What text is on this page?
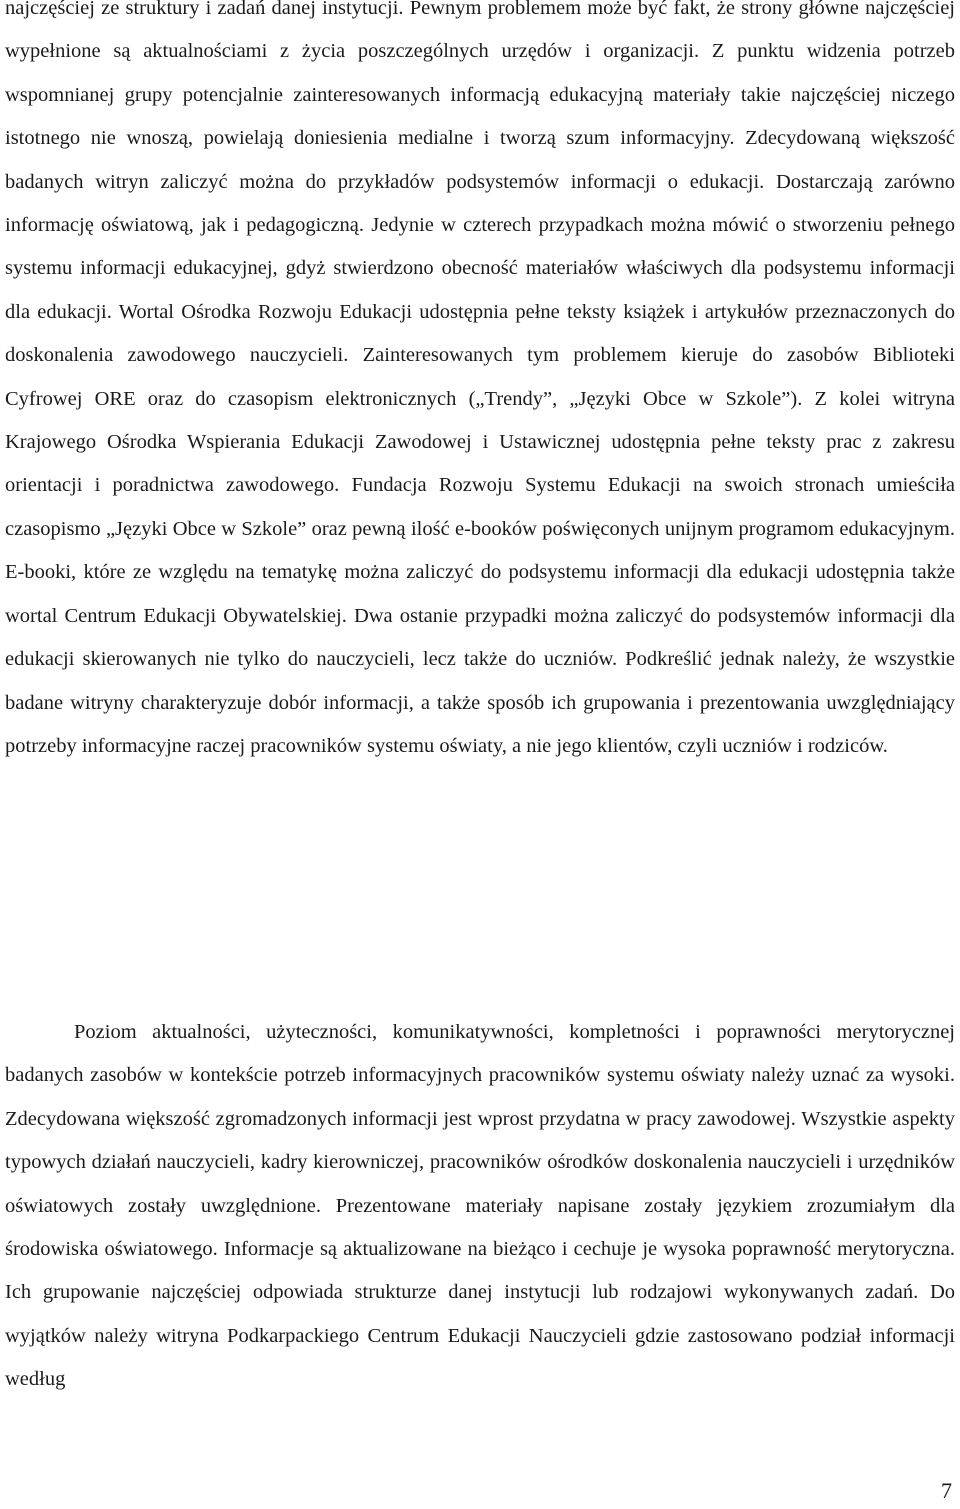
najczęściej ze struktury i zadań danej instytucji. Pewnym problemem może być fakt, że strony główne najczęściej wypełnione są aktualnościami z życia poszczególnych urzędów i organizacji. Z punktu widzenia potrzeb wspomnianej grupy potencjalnie zainteresowanych informacją edukacyjną materiały takie najczęściej niczego istotnego nie wnoszą, powielają doniesienia medialne i tworzą szum informacyjny. Zdecydowaną większość badanych witryn zaliczyć można do przykładów podsystemów informacji o edukacji. Dostarczają zarówno informację oświatową, jak i pedagogiczną. Jedynie w czterech przypadkach można mówić o stworzeniu pełnego systemu informacji edukacyjnej, gdyż stwierdzono obecność materiałów właściwych dla podsystemu informacji dla edukacji. Wortal Ośrodka Rozwoju Edukacji udostępnia pełne teksty książek i artykułów przeznaczonych do doskonalenia zawodowego nauczycieli. Zainteresowanych tym problemem kieruje do zasobów Biblioteki Cyfrowej ORE oraz do czasopism elektronicznych („Trendy”, „Języki Obce w Szkole”). Z kolei witryna Krajowego Ośrodka Wspierania Edukacji Zawodowej i Ustawicznej udostępnia pełne teksty prac z zakresu orientacji i poradnictwa zawodowego. Fundacja Rozwoju Systemu Edukacji na swoich stronach umieściła czasopismo „Języki Obce w Szkole” oraz pewną ilość e-booków poświęconych unijnym programom edukacyjnym. E-booki, które ze względu na tematykę można zaliczyć do podsystemu informacji dla edukacji udostępnia także wortal Centrum Edukacji Obywatelskiej. Dwa ostanie przypadki można zaliczyć do podsystemów informacji dla edukacji skierowanych nie tylko do nauczycieli, lecz także do uczniów. Podkreślić jednak należy, że wszystkie badane witryny charakteryzuje dobór informacji, a także sposób ich grupowania i prezentowania uwzględniający potrzeby informacyjne raczej pracowników systemu oświaty, a nie jego klientów, czyli uczniów i rodziców.

Poziom aktualności, użyteczności, komunikatywności, kompletności i poprawności merytorycznej badanych zasobów w kontekście potrzeb informacyjnych pracowników systemu oświaty należy uznać za wysoki. Zdecydowana większość zgromadzonych informacji jest wprost przydatna w pracy zawodowej. Wszystkie aspekty typowych działań nauczycieli, kadry kierowniczej, pracowników ośrodków doskonalenia nauczycieli i urzędników oświatowych zostały uwzględnione. Prezentowane materiały napisane zostały językiem zrozumiałym dla środowiska oświatowego. Informacje są aktualizowane na bieżąco i cechuje je wysoka poprawność merytoryczna. Ich grupowanie najczęściej odpowiada strukturze danej instytucji lub rodzajowi wykonywanych zadań. Do wyjątków należy witryna Podkarpackiego Centrum Edukacji Nauczycieli gdzie zastosowano podział informacji według

7
